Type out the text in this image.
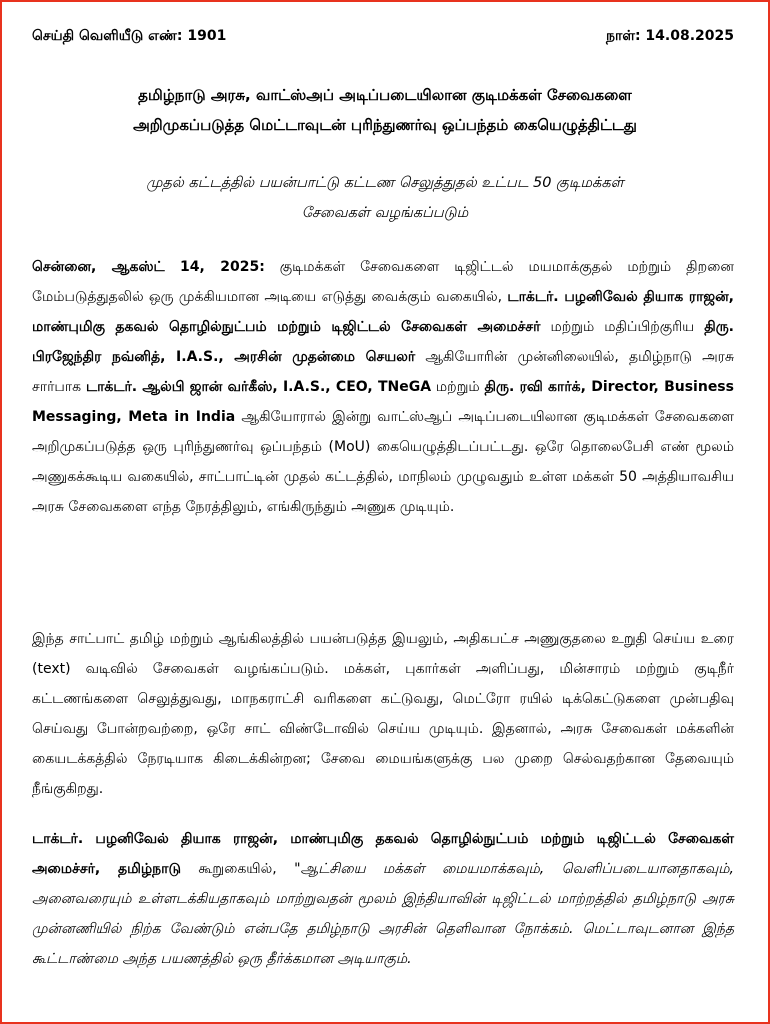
செய்தி வெளியீடு எண்: 1901	நாள்: 14.08.2025
தமிழ்நாடு அரசு, வாட்ஸ்அப் அடிப்படையிலான குடிமக்கள் சேவைகளை
அறிமுகப்படுத்த மெட்டாவுடன் புரிந்துணர்வு ஒப்பந்தம் கையெழுத்திட்டது
முதல் கட்டத்தில் பயன்பாட்டு கட்டண செலுத்துதல் உட்பட 50 குடிமக்கள்
சேவைகள் வழங்கப்படும்
சென்னை, ஆகஸ்ட் 14, 2025: குடிமக்கள் சேவைகளை டிஜிட்டல் மயமாக்குதல் மற்றும் திறனை மேம்படுத்துதலில் ஒரு முக்கியமான அடியை எடுத்து வைக்கும் வகையில், டாக்டர். பழனிவேல் தியாக ராஜன், மாண்புமிகு தகவல் தொழில்நுட்பம் மற்றும் டிஜிட்டல் சேவைகள் அமைச்சர் மற்றும் மதிப்பிற்குரிய திரு. பிரஜேந்திர நவ்னித், I.A.S., அரசின் முதன்மை செயலர் ஆகியோரின் முன்னிலையில், தமிழ்நாடு அரசு சார்பாக டாக்டர். ஆல்பி ஜான் வர்கீஸ், I.A.S., CEO, TNeGA மற்றும் திரு. ரவி கார்க், Director, Business Messaging, Meta in India ஆகியோரால் இன்று வாட்ஸ்ஆப் அடிப்படையிலான குடிமக்கள் சேவைகளை அறிமுகப்படுத்த ஒரு புரிந்துணர்வு ஒப்பந்தம் (MoU) கையெழுத்திடப்பட்டது. ஒரே தொலைபேசி எண் மூலம் அணுகக்கூடிய வகையில், சாட்பாட்டின் முதல் கட்டத்தில், மாநிலம் முழுவதும் உள்ள மக்கள் 50 அத்தியாவசிய அரசு சேவைகளை எந்த நேரத்திலும், எங்கிருந்தும் அணுக முடியும்.
இந்த சாட்பாட் தமிழ் மற்றும் ஆங்கிலத்தில் பயன்படுத்த இயலும், அதிகபட்ச அணுகுதலை உறுதி செய்ய உரை (text) வடிவில் சேவைகள் வழங்கப்படும். மக்கள், புகார்கள் அளிப்பது, மின்சாரம் மற்றும் குடிநீர் கட்டணங்களை செலுத்துவது, மாநகராட்சி வரிகளை கட்டுவது, மெட்ரோ ரயில் டிக்கெட்டுகளை முன்பதிவு செய்வது போன்றவற்றை, ஒரே சாட் விண்டோவில் செய்ய முடியும். இதனால், அரசு சேவைகள் மக்களின் கையடக்கத்தில் நேரடியாக கிடைக்கின்றன; சேவை மையங்களுக்கு பல முறை செல்வதற்கான தேவையும் நீங்குகிறது.
டாக்டர். பழனிவேல் தியாக ராஜன், மாண்புமிகு தகவல் தொழில்நுட்பம் மற்றும் டிஜிட்டல் சேவைகள் அமைச்சர், தமிழ்நாடு கூறுகையில், "ஆட்சியை மக்கள் மையமாக்கவும், வெளிப்படையானதாகவும், அனைவரையும் உள்ளடக்கியதாகவும் மாற்றுவதன் மூலம் இந்தியாவின் டிஜிட்டல் மாற்றத்தில் தமிழ்நாடு அரசு முன்னணியில் நிற்க வேண்டும் என்பதே தமிழ்நாடு அரசின் தெளிவான நோக்கம். மெட்டாவுடனான இந்த கூட்டாண்மை அந்த பயணத்தில் ஒரு தீர்க்கமான அடியாகும்.
